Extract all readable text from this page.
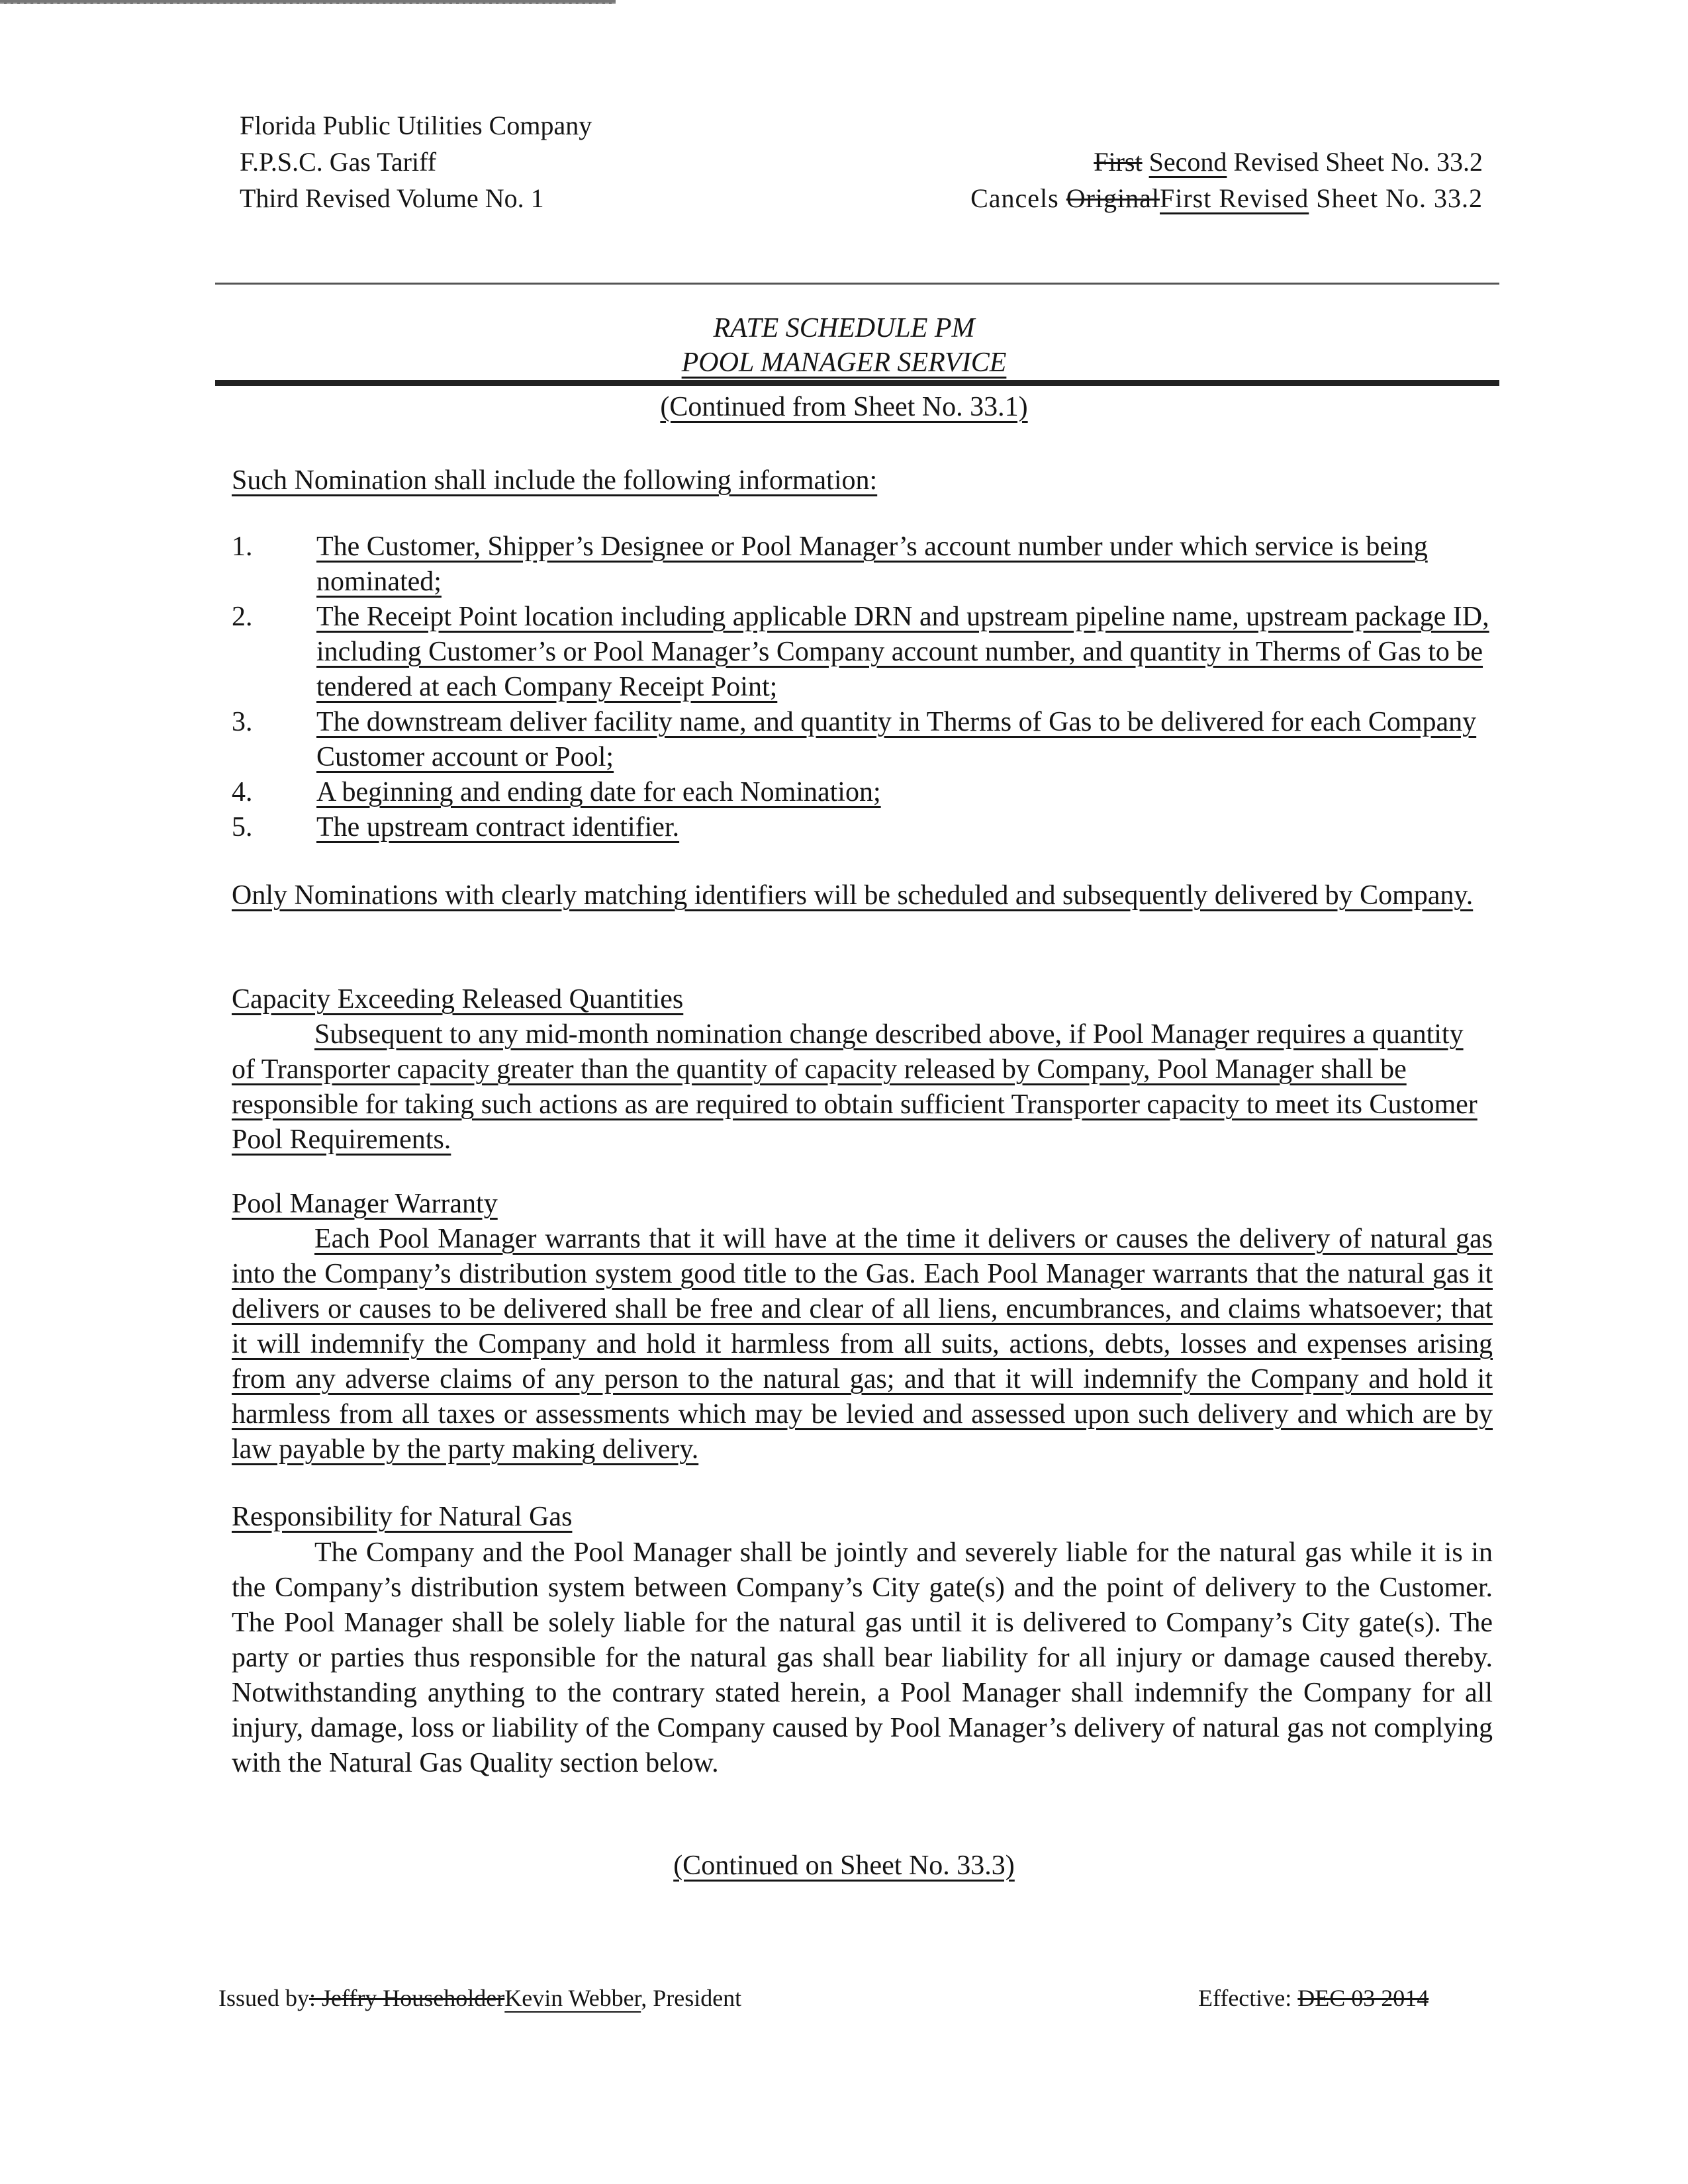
Florida Public Utilities Company
F.P.S.C. Gas Tariff
Third Revised Volume No. 1
First Second Revised Sheet No. 33.2
Cancels OriginalFirst Revised Sheet No. 33.2
RATE SCHEDULE PM
POOL MANAGER SERVICE
(Continued from Sheet No. 33.1)
Such Nomination shall include the following information:
1.	The Customer, Shipper’s Designee or Pool Manager’s account number under which service is being nominated;
2.	The Receipt Point location including applicable DRN and upstream pipeline name, upstream package ID, including Customer’s or Pool Manager’s Company account number, and quantity in Therms of Gas to be tendered at each Company Receipt Point;
3.	The downstream deliver facility name, and quantity in Therms of Gas to be delivered for each Company Customer account or Pool;
4.	A beginning and ending date for each Nomination;
5.	The upstream contract identifier.
Only Nominations with clearly matching identifiers will be scheduled and subsequently delivered by Company.
Capacity Exceeding Released Quantities
Subsequent to any mid-month nomination change described above, if Pool Manager requires a quantity of Transporter capacity greater than the quantity of capacity released by Company, Pool Manager shall be responsible for taking such actions as are required to obtain sufficient Transporter capacity to meet its Customer Pool Requirements.
Pool Manager Warranty
Each Pool Manager warrants that it will have at the time it delivers or causes the delivery of natural gas into the Company’s distribution system good title to the Gas. Each Pool Manager warrants that the natural gas it delivers or causes to be delivered shall be free and clear of all liens, encumbrances, and claims whatsoever; that it will indemnify the Company and hold it harmless from all suits, actions, debts, losses and expenses arising from any adverse claims of any person to the natural gas; and that it will indemnify the Company and hold it harmless from all taxes or assessments which may be levied and assessed upon such delivery and which are by law payable by the party making delivery.
Responsibility for Natural Gas
The Company and the Pool Manager shall be jointly and severely liable for the natural gas while it is in the Company’s distribution system between Company’s City gate(s) and the point of delivery to the Customer. The Pool Manager shall be solely liable for the natural gas until it is delivered to Company’s City gate(s). The party or parties thus responsible for the natural gas shall bear liability for all injury or damage caused thereby. Notwithstanding anything to the contrary stated herein, a Pool Manager shall indemnify the Company for all injury, damage, loss or liability of the Company caused by Pool Manager’s delivery of natural gas not complying with the Natural Gas Quality section below.
(Continued on Sheet No. 33.3)
Issued by: Jeffry HouseholderKevin Webber, President	Effective: DEC 03 2014
